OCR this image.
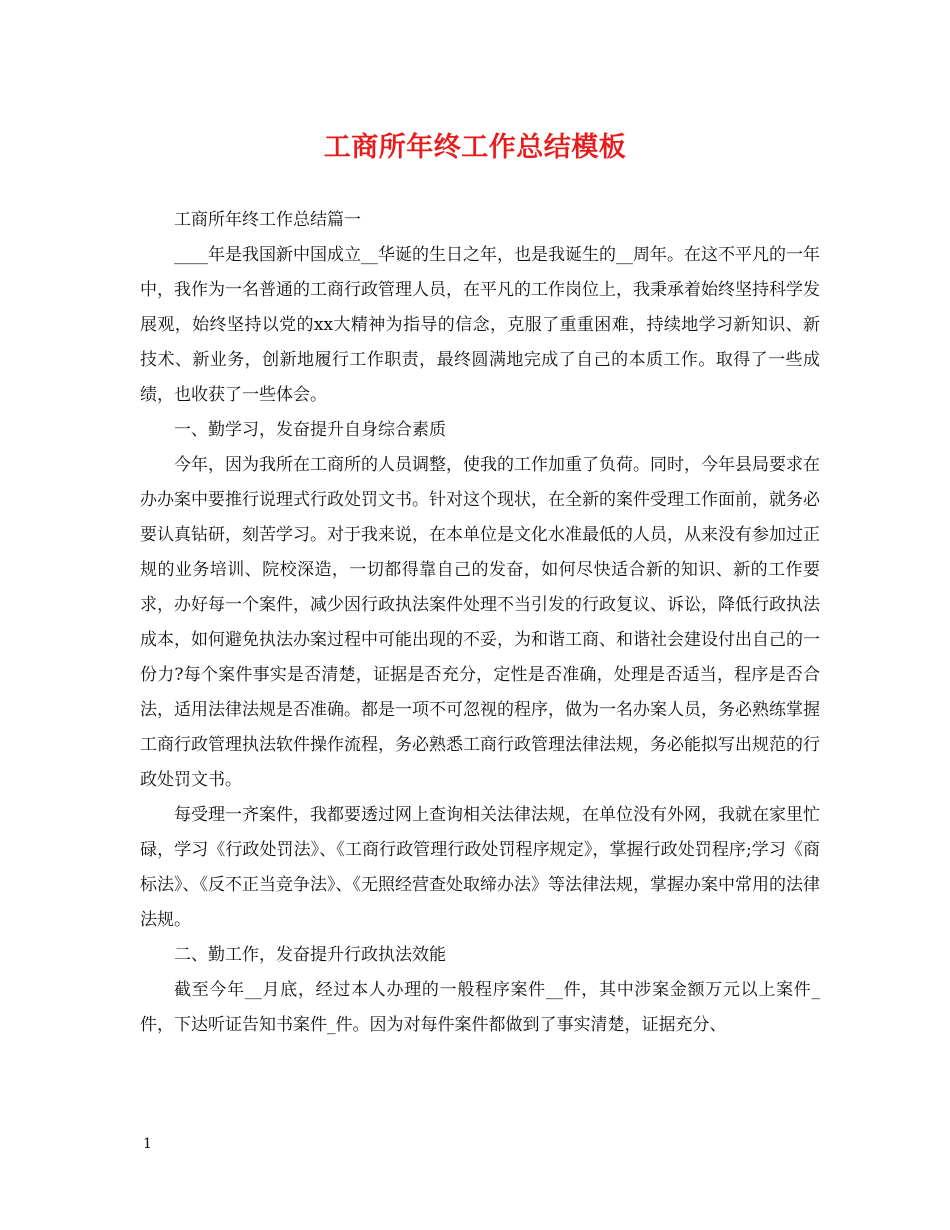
工商所年终工作总结模板

工商所年终工作总结篇一

____年是我国新中国成立__华诞的生日之年，也是我诞生的__周年。在这不平凡的一年中，我作为一名普通的工商行政管理人员，在平凡的工作岗位上，我秉承着始终坚持科学发展观，始终坚持以党的xx大精神为指导的信念，克服了重重困难，持续地学习新知识、新技术、新业务，创新地履行工作职责，最终圆满地完成了自己的本质工作。取得了一些成绩，也收获了一些体会。

一、勤学习，发奋提升自身综合素质

今年，因为我所在工商所的人员调整，使我的工作加重了负荷。同时，今年县局要求在办办案中要推行说理式行政处罚文书。针对这个现状，在全新的案件受理工作面前，就务必要认真钻研，刻苦学习。对于我来说，在本单位是文化水准最低的人员，从来没有参加过正规的业务培训、院校深造，一切都得靠自己的发奋，如何尽快适合新的知识、新的工作要求，办好每一个案件，减少因行政执法案件处理不当引发的行政复议、诉讼，降低行政执法成本，如何避免执法办案过程中可能出现的不妥，为和谐工商、和谐社会建设付出自己的一份力?每个案件事实是否清楚，证据是否充分，定性是否准确，处理是否适当，程序是否合法，适用法律法规是否准确。都是一项不可忽视的程序，做为一名办案人员，务必熟练掌握工商行政管理执法软件操作流程，务必熟悉工商行政管理法律法规，务必能拟写出规范的行政处罚文书。

每受理一齐案件，我都要透过网上查询相关法律法规，在单位没有外网，我就在家里忙碌，学习《行政处罚法》、《工商行政管理行政处罚程序规定》，掌握行政处罚程序;学习《商标法》、《反不正当竞争法》、《无照经营查处取缔办法》等法律法规，掌握办案中常用的法律法规。

二、勤工作，发奋提升行政执法效能

截至今年__月底，经过本人办理的一般程序案件__件，其中涉案金额万元以上案件_件，下达听证告知书案件_件。因为对每件案件都做到了事实清楚，证据充分、

1
